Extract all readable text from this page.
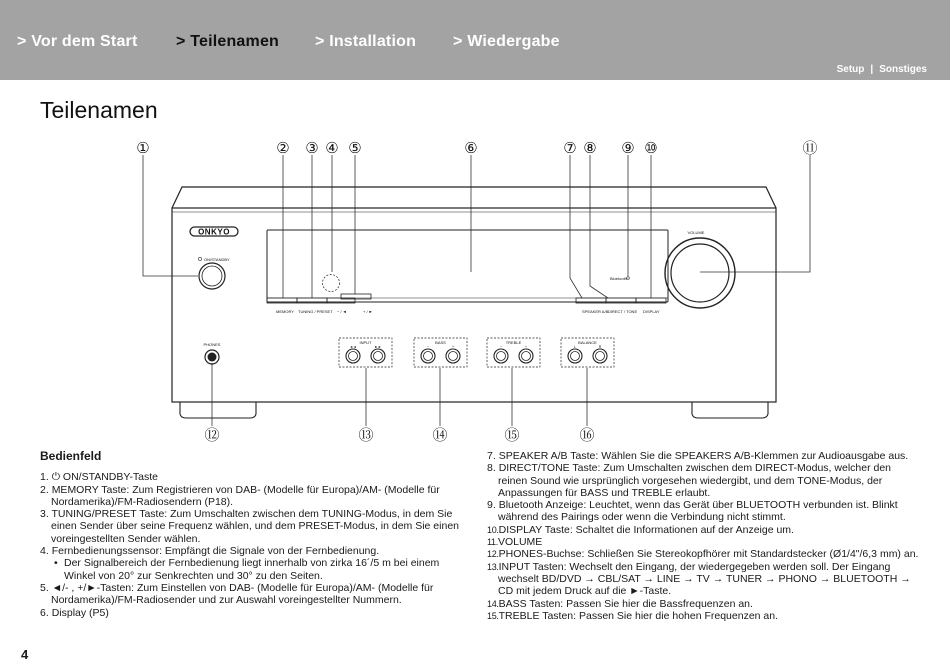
> Vor dem Start > Teilenamen > Installation > Wiedergabe
Setup | Sonstiges
Teilenamen
ONKYO
ON/STANDBY
MEMORY TUNING / PRESET − / ◄	+ / ►	SPEAKER A/B DIRECT / TONE DISPLAY
Bluetooth
VOLUME
PHONES	INPUT
◄◄	►►
BASS
−	+
TREBLE
−	+
BALANCE
L	R
①	② ③ ④ ⑤	⑥	⑦ ⑧ ⑨ ⑩	⑪
⑫	⑬	⑭	⑮	⑯
Bedienfeld
1. ⏻ ON/STANDBY-Taste
2. MEMORY Taste: Zum Registrieren von DAB- (Modelle für Europa)/AM- (Modelle für
Nordamerika)/FM-Radiosendern (P18).
3. TUNING/PRESET Taste: Zum Umschalten zwischen dem TUNING-Modus, in dem Sie
einen Sender über seine Frequenz wählen, und dem PRESET-Modus, in dem Sie einen
voreingestellten Sender wählen.
4. Fernbedienungssensor: Empfängt die Signale von der Fernbedienung.
• Der Signalbereich der Fernbedienung liegt innerhalb von zirka 16´/5 m bei einem
Winkel von 20° zur Senkrechten und 30° zu den Seiten.
5. ◄/- , +/►-Tasten: Zum Einstellen von DAB- (Modelle für Europa)/AM- (Modelle für
Nordamerika)/FM-Radiosender und zur Auswahl voreingestellter Nummern.
6. Display (P5)
7. SPEAKER A/B Taste: Wählen Sie die SPEAKERS A/B-Klemmen zur Audioausgabe aus.
8. DIRECT/TONE Taste: Zum Umschalten zwischen dem DIRECT-Modus, welcher den
reinen Sound wie ursprünglich vorgesehen wiedergibt, und dem TONE-Modus, der
Anpassungen für BASS und TREBLE erlaubt.
9. Bluetooth Anzeige: Leuchtet, wenn das Gerät über BLUETOOTH verbunden ist. Blinkt
während des Pairings oder wenn die Verbindung nicht stimmt.
10.DISPLAY Taste: Schaltet die Informationen auf der Anzeige um.
11.VOLUME
12.PHONES-Buchse: Schließen Sie Stereokopfhörer mit Standardstecker (Ø1/4"/6,3 mm) an.
13.INPUT Tasten: Wechselt den Eingang, der wiedergegeben werden soll. Der Eingang
wechselt BD/DVD → CBL/SAT → LINE → TV → TUNER → PHONO → BLUETOOTH →
CD mit jedem Druck auf die ►-Taste.
14.BASS Tasten: Passen Sie hier die Bassfrequenzen an.
15.TREBLE Tasten: Passen Sie hier die hohen Frequenzen an.
4
